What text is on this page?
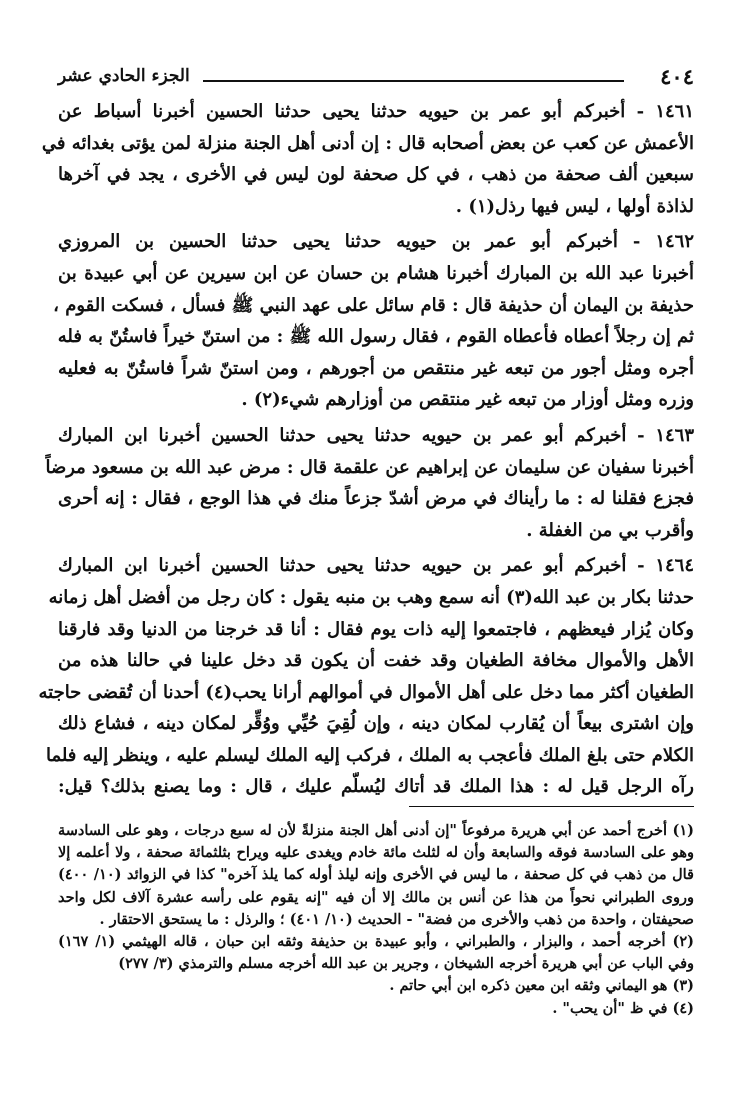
٤٠٤
الجزء الحادي عشر
١٤٦١ - أخبركم أبو عمر بن حيويه حدثنا يحيى حدثنا الحسين أخبرنا أسباط عن
الأعمش عن كعب عن بعض أصحابه قال : إن أدنى أهل الجنة منزلة لمن يؤتى بغدائه في
سبعين ألف صحفة من ذهب ، في كل صحفة لون ليس في الأخرى ، يجد في آخرها
لذاذة أولها ، ليس فيها رذل(١) .
١٤٦٢ - أخبركم أبو عمر بن حيويه حدثنا يحيى حدثنا الحسين بن المروزي
أخبرنا عبد الله بن المبارك أخبرنا هشام بن حسان عن ابن سيرين عن أبي عبيدة بن
حذيفة بن اليمان أن حذيفة قال : قام سائل على عهد النبي ﷺ فسأل ، فسكت القوم ،
ثم إن رجلاً أعطاه فأعطاه القوم ، فقال رسول الله ﷺ : من استنّ خيراً فاستُنّ به فله
أجره ومثل أجور من تبعه غير منتقص من أجورهم ، ومن استنّ شراً فاستُنّ به فعليه
وزره ومثل أوزار من تبعه غير منتقص من أوزارهم شيء(٢) .
١٤٦٣ - أخبركم أبو عمر بن حيويه حدثنا يحيى حدثنا الحسين أخبرنا ابن المبارك
أخبرنا سفيان عن سليمان عن إبراهيم عن علقمة قال : مرض عبد الله بن مسعود مرضاً
فجزع فقلنا له : ما رأيناك في مرض أشدّ جزعاً منك في هذا الوجع ، فقال : إنه أحرى
وأقرب بي من الغفلة .
١٤٦٤ - أخبركم أبو عمر بن حيويه حدثنا يحيى حدثنا الحسين أخبرنا ابن المبارك
حدثنا بكار بن عبد الله(٣) أنه سمع وهب بن منبه يقول : كان رجل من أفضل أهل زمانه
وكان يُزار فيعظهم ، فاجتمعوا إليه ذات يوم فقال : أنا قد خرجنا من الدنيا وقد فارقنا
الأهل والأموال مخافة الطغيان وقد خفت أن يكون قد دخل علينا في حالنا هذه من
الطغيان أكثر مما دخل على أهل الأموال في أموالهم أرانا يحب(٤) أحدنا أن تُقضى حاجته
وإن اشترى بيعاً أن يُقارب لمكان دينه ، وإن لُقِيَ حُيِّي ووُقِّر لمكان دينه ، فشاع ذلك
الكلام حتى بلغ الملك فأعجب به الملك ، فركب إليه الملك ليسلم عليه ، وينظر إليه فلما
رآه الرجل قيل له : هذا الملك قد أتاك ليُسلّم عليك ، قال : وما يصنع بذلك؟ قيل:
(١) أخرج أحمد عن أبي هريرة مرفوعاً "إن أدنى أهل الجنة منزلةً لأن له سبع درجات ، وهو على السادسة
وهو على السادسة فوقه والسابعة وأن له لثلث مائة خادم ويغدى عليه ويراح بثلثمائة صحفة ، ولا أعلمه إلا
قال من ذهب في كل صحفة ، ما ليس في الأخرى وإنه ليلذ أوله كما يلذ آخره" كذا في الزوائد (١٠/ ٤٠٠)
وروى الطبراني نحواً من هذا عن أنس بن مالك إلا أن فيه "إنه يقوم على رأسه عشرة آلاف لكل واحد
صحيفتان ، واحدة من ذهب والأخرى من فضة" - الحديث (١٠/ ٤٠١) ؛ والرذل : ما يستحق الاحتقار .
(٢) أخرجه أحمد ، والبزار ، والطبراني ، وأبو عبيدة بن حذيفة وثقه ابن حبان ، قاله الهيثمي (١/ ١٦٧)
وفي الباب عن أبي هريرة أخرجه الشيخان ، وجرير بن عبد الله أخرجه مسلم والترمذي (٣/ ٢٧٧)
(٣) هو اليماني وثقه ابن معين ذكره ابن أبي حاتم .
(٤) في ظ "أن يحب" .
